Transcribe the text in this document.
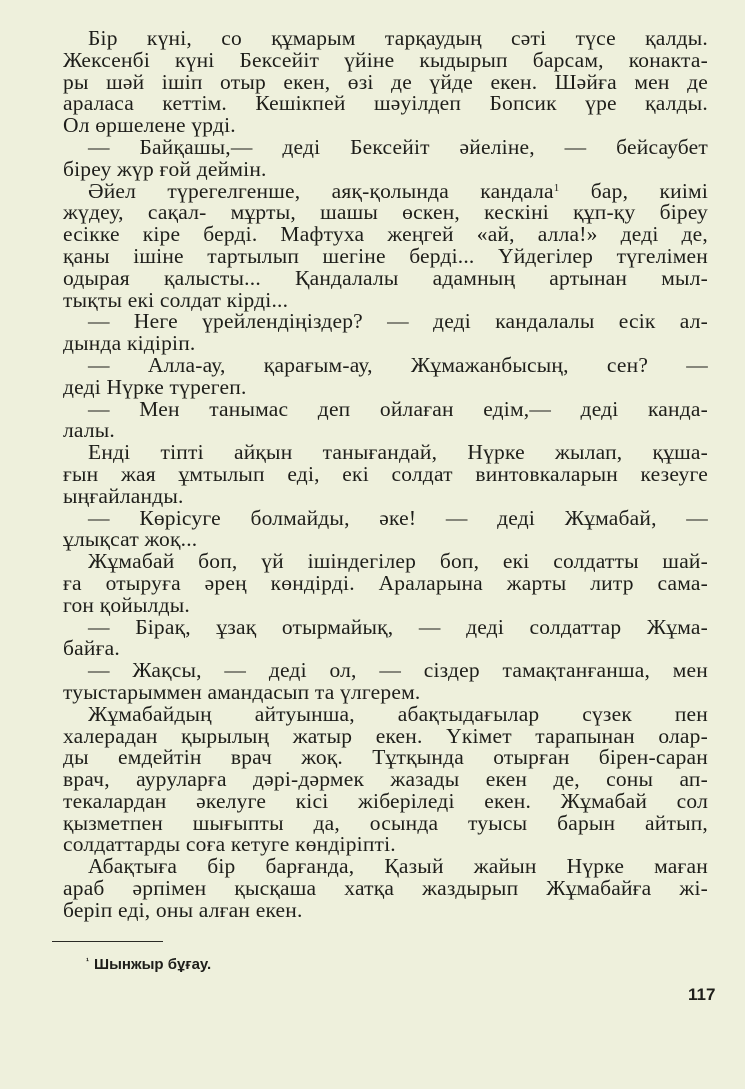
Бір күні, со құмарым тарқаудың сәті түсе қалды.
Жексенбі күні Бексейіт үйіне кыдырып барсам, конакта-
ры шәй ішіп отыр екен, өзі де үйде екен. Шәйға мен де
араласа кеттім. Кешікпей шәуілдеп Бопсик үре қалды.
Ол өршелене үрді.
— Байқашы,— деді Бексейіт әйеліне, — бейсаубет
біреу жүр ғой деймін.
Әйел түрегелгенше, аяқ-қолында кандала$^1$ бар, киімі
жүдеу, сақал- мұрты, шашы өскен, кескіні құп-қу біреу
есікке кіре берді. Мафтуха жеңгей «ай, алла!» деді де,
қаны ішіне тартылып шегіне берді... Үйдегілер түгелімен
одырая қалысты... Қандалалы адамның артынан мыл-
тықты екі солдат кірді...
— Неге үрейлендіңіздер? — деді кандалалы есік ал-
дында кідіріп.
— Алла-ау, қарағым-ау, Жұмажанбысың, сен? —
деді Нүрке түрегеп.
— Мен танымас деп ойлаған едім,— деді канда-
лалы.
Енді тіпті айқын танығандай, Нүрке жылап, құша-
ғын жая ұмтылып еді, екі солдат винтовкаларын кезеуге
ыңғайланды.
— Көрісуге болмайды, әке! — деді Жұмабай, —
ұлықсат жоқ...
Жұмабай боп, үй ішіндегілер боп, екі солдатты шай-
ға отыруға әрең көндірді. Араларына жарты литр сама-
гон қойылды.
— Бірақ, ұзақ отырмайық, — деді солдаттар Жұма-
байға.
— Жақсы, — деді ол, — сіздер тамақтанғанша, мен
туыстарыммен амандасып та үлгерем.
Жұмабайдың айтуынша, абақтыдағылар сүзек пен
халерадан қырылың жатыр екен. Үкімет тарапынан олар-
ды емдейтін врач жоқ. Тұтқында отырған бірен-саран
врач, ауруларға дәрі-дәрмек жазады екен де, соны ап-
текалардан әкелуге кісі жіберіледі екен. Жұмабай сол
қызметпен шығыпты да, осында туысы барын айтып,
солдаттарды соға кетуге көндіріпті.
Абақтыға бір барғанда, Қазый жайын Нүрке маған
араб әрпімен қысқаша хатқа жаздырып Жұмабайға жі-
беріп еді, оны алған екен.
$^{^1}$ Шынжыр бұғау.
117
